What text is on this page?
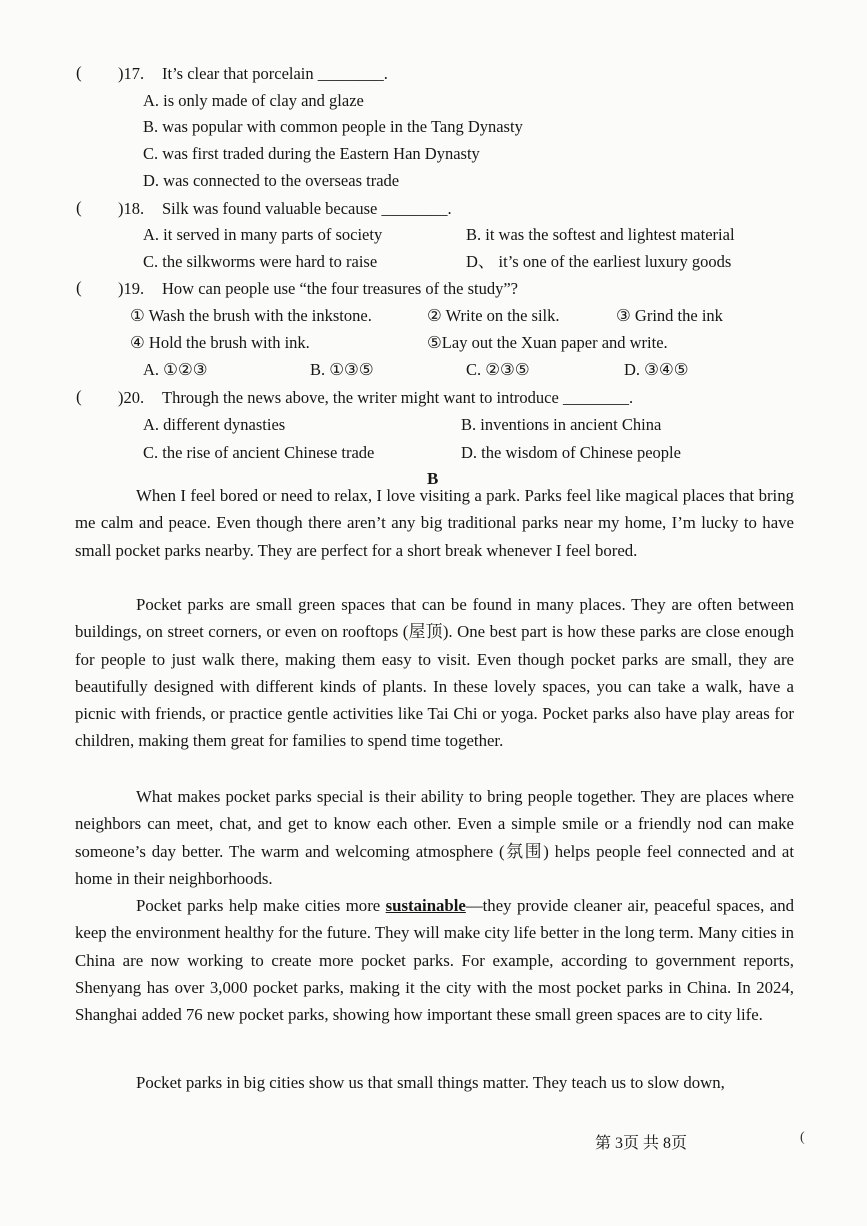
( )17. It’s clear that porcelain ________.
A. is only made of clay and glaze
B. was popular with common people in the Tang Dynasty
C. was first traded during the Eastern Han Dynasty
D. was connected to the overseas trade
( )18. Silk was found valuable because ________.
A. it served in many parts of society	B. it was the softest and lightest material
C. the silkworms were hard to raise	D、 it’s one of the earliest luxury goods
( )19. How can people use “the four treasures of the study”?
① Wash the brush with the inkstone.	② Write on the silk.	③ Grind the ink
④ Hold the brush with ink.	⑤Lay out the Xuan paper and write.
A. ①②③	B. ①③⑤	C. ②③⑤	D. ③④⑤
( )20. Through the news above, the writer might want to introduce ________.
A. different dynasties	B. inventions in ancient China
C. the rise of ancient Chinese trade	D. the wisdom of Chinese people
B

When I feel bored or need to relax, I love visiting a park. Parks feel like magical places that bring me calm and peace. Even though there aren’t any big traditional parks near my home, I’m lucky to have small pocket parks nearby. They are perfect for a short break whenever I feel bored.

Pocket parks are small green spaces that can be found in many places. They are often between buildings, on street corners, or even on rooftops (屋顶). One best part is how these parks are close enough for people to just walk there, making them easy to visit. Even though pocket parks are small, they are beautifully designed with different kinds of plants. In these lovely spaces, you can take a walk, have a picnic with friends, or practice gentle activities like Tai Chi or yoga. Pocket parks also have play areas for children, making them great for families to spend time together.

What makes pocket parks special is their ability to bring people together. They are places where neighbors can meet, chat, and get to know each other. Even a simple smile or a friendly nod can make someone’s day better. The warm and welcoming atmosphere (氛围) helps people feel connected and at home in their neighborhoods.

Pocket parks help make cities more sustainable—they provide cleaner air, peaceful spaces, and keep the environment healthy for the future. They will make city life better in the long term. Many cities in China are now working to create more pocket parks. For example, according to government reports, Shenyang has over 3,000 pocket parks, making it the city with the most pocket parks in China. In 2024, Shanghai added 76 new pocket parks, showing how important these small green spaces are to city life.

Pocket parks in big cities show us that small things matter. They teach us to slow down,

第 3页 共 8页	(
